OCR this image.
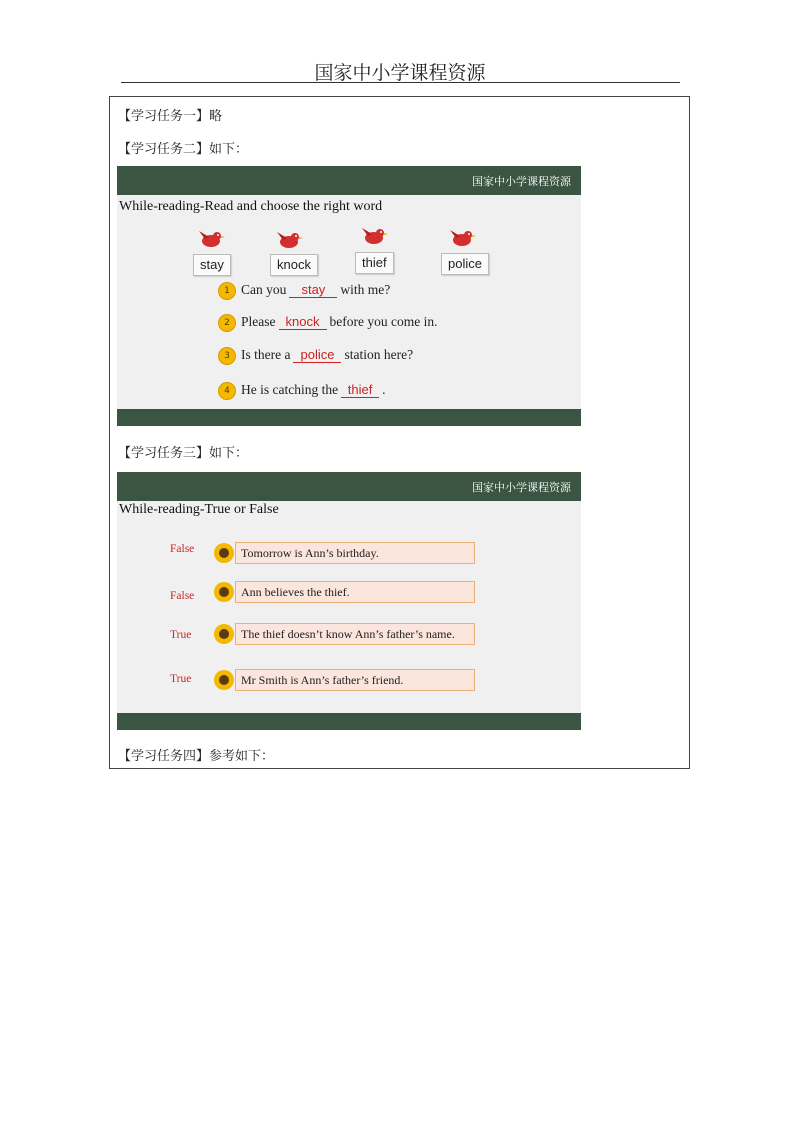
国家中小学课程资源
【学习任务一】略
【学习任务二】如下：
国家中小学课程资源
While-reading-Read and choose the right word
stay	knock	thief	police
1 Can you stay with me?
2 Please knock before you come in.
3 Is there a police station here?
4 He is catching the thief .
【学习任务三】如下：
国家中小学课程资源
While-reading-True or False
False	Tomorrow is Ann’s birthday.
False	Ann believes the thief.
True	The thief doesn’t know Ann’s father’s name.
True	Mr Smith is Ann’s father’s friend.
【学习任务四】参考如下：
